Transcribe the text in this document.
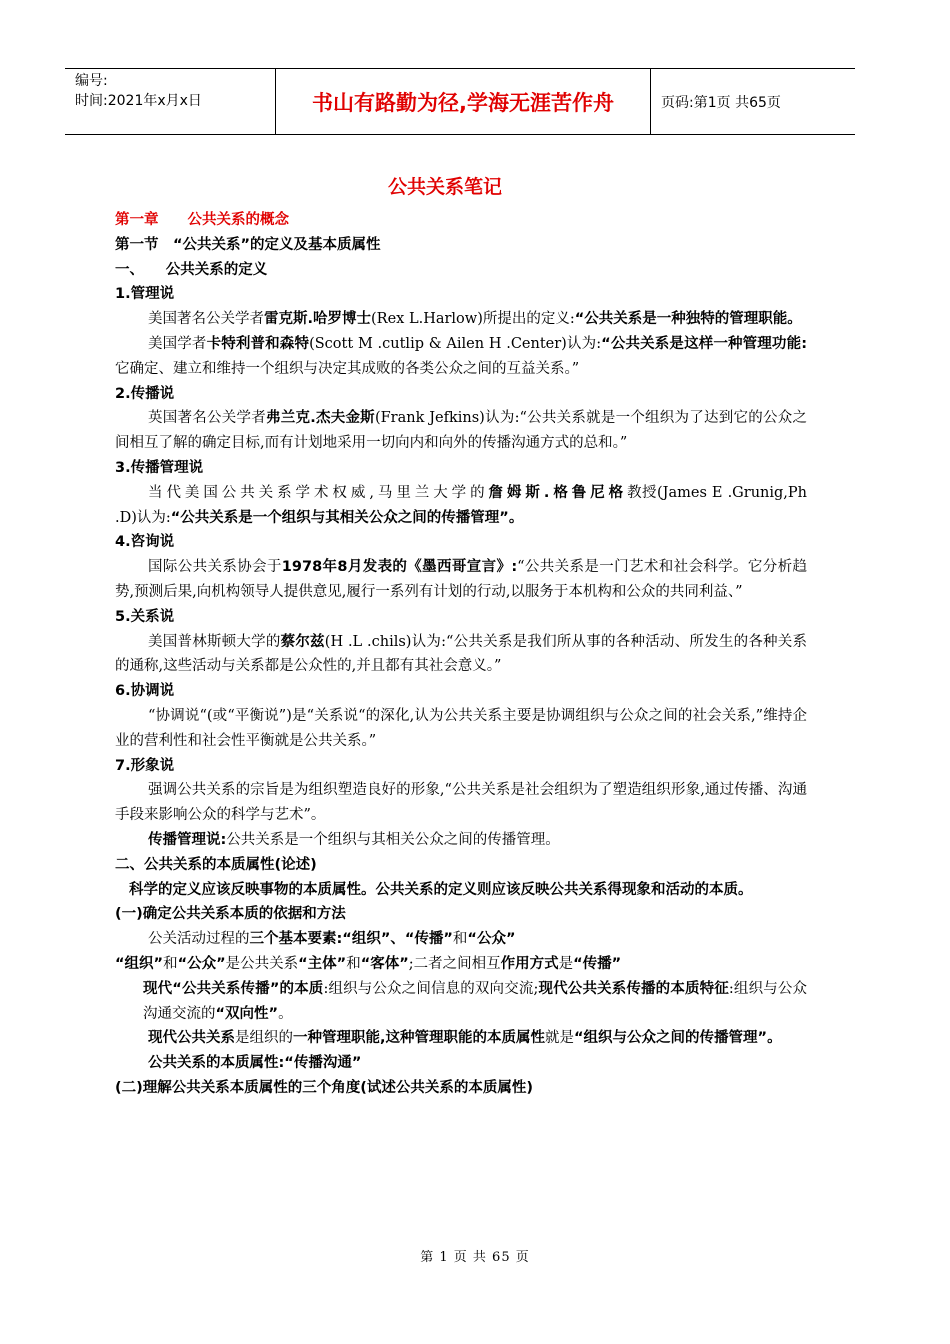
编号:
时间:2021年x月x日	书山有路勤为径,学海无涯苦作舟	页码:第1页 共65页
公共关系笔记

第一章　　公共关系的概念

第一节　“公共关系”的定义及基本质属性

一、　　公共关系的定义

1.管理说

美国著名公关学者雷克斯.哈罗博士(Rex L.Harlow)所提出的定义:“公共关系是一种独特的管理职能。

美国学者卡特利普和森特(Scott M .cutlip & Ailen H .Center)认为:“公共关系是这样一种管理功能:它确定、建立和维持一个组织与决定其成败的各类公众之间的互益关系。”

2.传播说

英国著名公关学者弗兰克.杰夫金斯(Frank Jefkins)认为:“公共关系就是一个组织为了达到它的公众之间相互了解的确定目标,而有计划地采用一切向内和向外的传播沟通方式的总和。”

3.传播管理说

当代美国公共关系学术权威,马里兰大学的詹姆斯.格鲁尼格教授(James E .Grunig,Ph .D)认为:“公共关系是一个组织与其相关公众之间的传播管理”。

4.咨询说

国际公共关系协会于1978年8月发表的《墨西哥宣言》:“公共关系是一门艺术和社会科学。它分析趋势,预测后果,向机构领导人提供意见,履行一系列有计划的行动,以服务于本机构和公众的共同利益、”

5.关系说

美国普林斯顿大学的蔡尔兹(H .L .chils)认为:“公共关系是我们所从事的各种活动、所发生的各种关系的通称,这些活动与关系都是公众性的,并且都有其社会意义。”

6.协调说

“协调说“(或“平衡说”)是“关系说“的深化,认为公共关系主要是协调组织与公众之间的社会关系,”维持企业的营利性和社会性平衡就是公共关系。”

7.形象说

强调公共关系的宗旨是为组织塑造良好的形象,“公共关系是社会组织为了塑造组织形象,通过传播、沟通手段来影响公众的科学与艺术”。

传播管理说:公共关系是一个组织与其相关公众之间的传播管理。

二、公共关系的本质属性(论述)

科学的定义应该反映事物的本质属性。公共关系的定义则应该反映公共关系得现象和活动的本质。

(一)确定公共关系本质的依据和方法

公关活动过程的三个基本要素:“组织”、“传播”和“公众”

“组织”和“公众”是公共关系“主体”和“客体”;二者之间相互作用方式是“传播”

现代“公共关系传播”的本质:组织与公众之间信息的双向交流;现代公共关系传播的本质特征:组织与公众沟通交流的“双向性”。

现代公共关系是组织的一种管理职能,这种管理职能的本质属性就是“组织与公众之间的传播管理”。

公共关系的本质属性:“传播沟通”

(二)理解公共关系本质属性的三个角度(试述公共关系的本质属性)

第 1 页 共 65 页
